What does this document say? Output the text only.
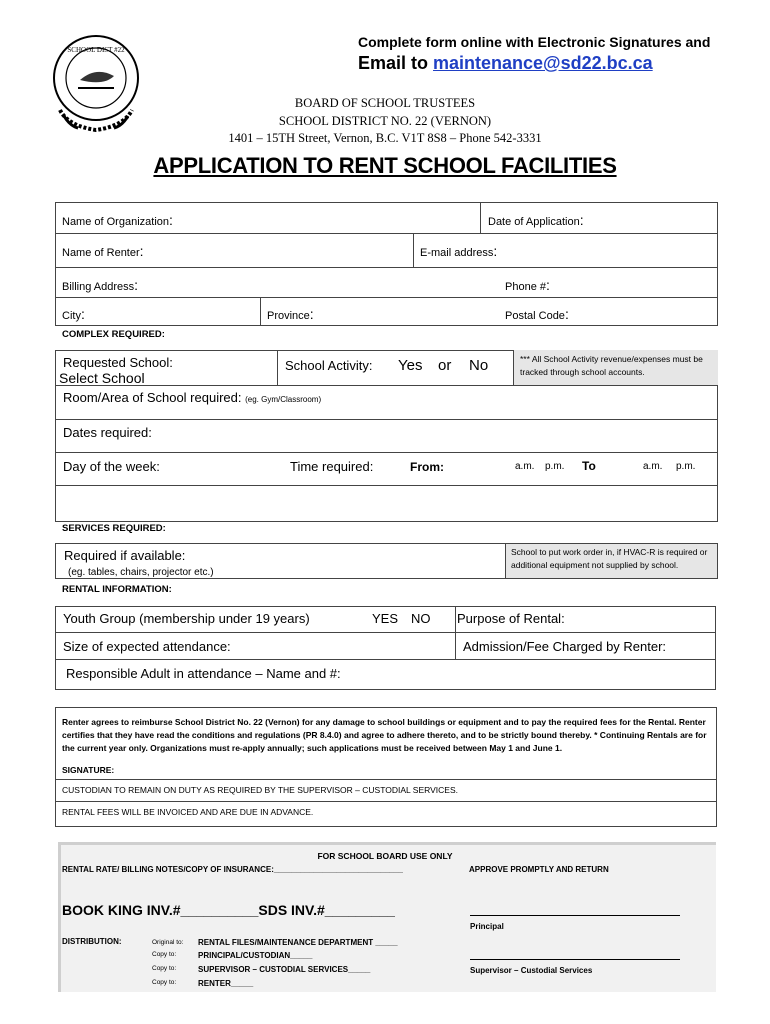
SCHOOL DIST #22	Complete form online with Electronic Signatures and
Email to maintenance@sd22.bc.ca
BOARD OF SCHOOL TRUSTEES
SCHOOL DISTRICT NO. 22 (VERNON)
1401 – 15TH Street, Vernon, B.C. V1T 8S8 – Phone 542-3331
APPLICATION TO RENT SCHOOL FACILITIES
Name of Organization:	Date of Application:
Name of Renter:	E-mail address:
Billing Address:	Phone #:
City:	Province:	Postal Code:
COMPLEX REQUIRED:
Requested School:
Select School
School Activity: Yes or No	*** All School Activity revenue/expenses must be tracked through school accounts.
Room/Area of School required: (eg. Gym/Classroom)
Dates required:
Day of the week:	Time required:	From:	a.m. p.m. To	a.m. p.m.
SERVICES REQUIRED:
Required if available:
(eg. tables, chairs, projector etc.)
School to put work order in, if HVAC-R is required or additional equipment not supplied by school.
RENTAL INFORMATION:
Youth Group (membership under 19 years)	YES NO Purpose of Rental:
Size of expected attendance:	Admission/Fee Charged by Renter:
Responsible Adult in attendance – Name and #:
Renter agrees to reimburse School District No. 22 (Vernon) for any damage to school buildings or equipment and to pay the required fees for the Rental. Renter certifies that they have read the conditions and regulations (PR 8.4.0) and agree to adhere thereto, and to be strictly bound thereby. * Continuing Rentals are for the current year only. Organizations must re-apply annually; such applications must be received between May 1 and June 1.
SIGNATURE:
CUSTODIAN TO REMAIN ON DUTY AS REQUIRED BY THE SUPERVISOR – CUSTODIAL SERVICES.
RENTAL FEES WILL BE INVOICED AND ARE DUE IN ADVANCE.
FOR SCHOOL BOARD USE ONLY
RENTAL RATE/ BILLING NOTES/COPY OF INSURANCE:_____________________________	APPROVE PROMPTLY AND RETURN
BOOK KING INV.#__________SDS INV.#_________
Principal
DISTRIBUTION:	Original to: RENTAL FILES/MAINTENANCE DEPARTMENT _____
Copy to:	PRINCIPAL/CUSTODIAN_____
Copy to:	SUPERVISOR – CUSTODIAL SERVICES_____
Copy to:	RENTER_____
Supervisor – Custodial Services
